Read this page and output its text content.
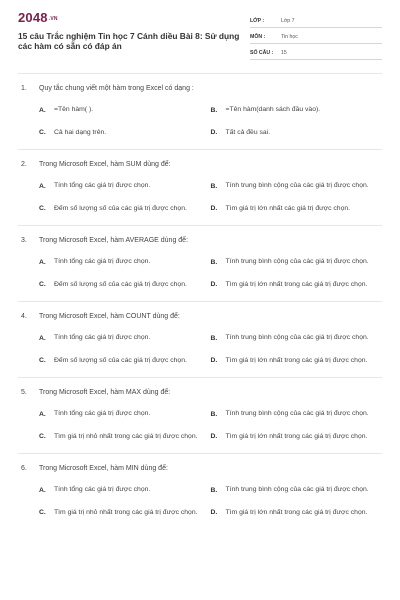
2048.VN
15 câu Trắc nghiệm Tin học 7 Cánh diều Bài 8: Sử dụng các hàm có sẵn có đáp án
LỚP :	Lớp 7
MÔN :	Tin học
SỐ CÂU :	15
1.	Quy tắc chung viết một hàm trong Excel có dạng :
A.	=Tên hàm( ).	B.	=Tên hàm(danh sách đầu vào).
C.	Cả hai dạng trên.	D.	Tất cả đều sai.
2.	Trong Microsoft Excel, hàm SUM dùng để:
A.	Tính tổng các giá trị được chọn.	B.	Tính trung bình cộng của các giá trị được chọn.
C.	Đếm số lượng số của các giá trị được chọn.	D.	Tìm giá trị lớn nhất các giá trị được chọn.
3.	Trong Microsoft Excel, hàm AVERAGE dùng để:
A.	Tính tổng các giá trị được chọn.	B.	Tính trung bình cộng của các giá trị được chọn.
C.	Đếm số lượng số của các giá trị được chọn.	D.	Tìm giá trị lớn nhất trong các giá trị được chọn.
4.	Trong Microsoft Excel, hàm COUNT dùng để:
A.	Tính tổng các giá trị được chọn.	B.	Tính trung bình cộng của các giá trị được chọn.
C.	Đếm số lượng số của các giá trị được chọn.	D.	Tìm giá trị lớn nhất trong các giá trị được chọn.
5.	Trong Microsoft Excel, hàm MAX dùng để:
A.	Tính tổng các giá trị được chọn.	B.	Tính trung bình cộng của các giá trị được chọn.
C.	Tìm giá trị nhỏ nhất trong các giá trị được chọn. D.	Tìm giá trị lớn nhất trong các giá trị được chọn.
6.	Trong Microsoft Excel, hàm MIN dùng để:
A.	Tính tổng các giá trị được chọn.	B.	Tính trung bình cộng của các giá trị được chọn.
C.	Tìm giá trị nhỏ nhất trong các giá trị được chọn. D.	Tìm giá trị lớn nhất trong các giá trị được chọn.
